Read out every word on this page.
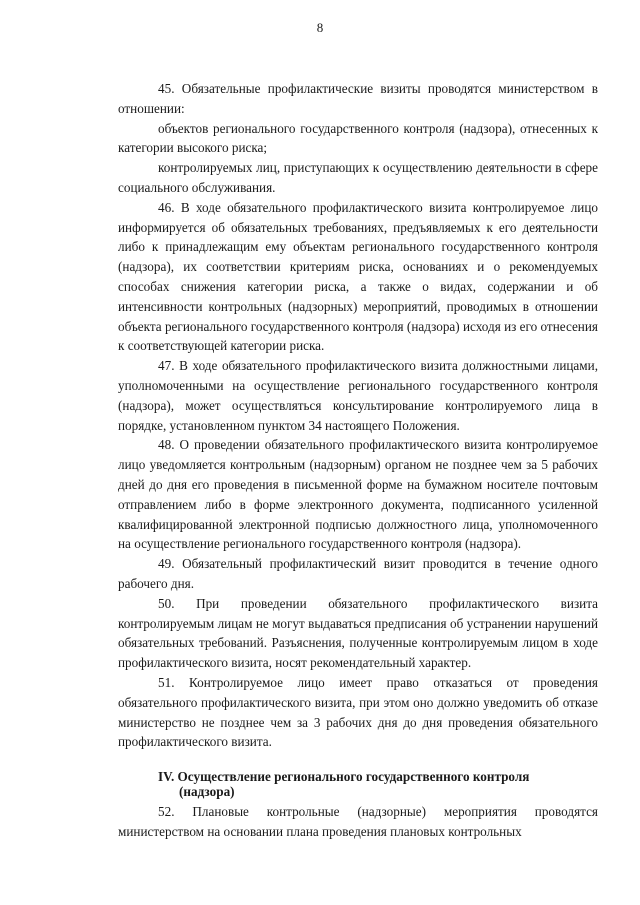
8

45. Обязательные профилактические визиты проводятся министерством в отношении:

объектов регионального государственного контроля (надзора), отнесенных к категории высокого риска;

контролируемых лиц, приступающих к осуществлению деятельности в сфере социального обслуживания.

46. В ходе обязательного профилактического визита контролируемое лицо информируется об обязательных требованиях, предъявляемых к его деятельности либо к принадлежащим ему объектам регионального государственного контроля (надзора), их соответствии критериям риска, основаниях и о рекомендуемых способах снижения категории риска, а также о видах, содержании и об интенсивности контрольных (надзорных) мероприятий, проводимых в отношении объекта регионального государственного контроля (надзора) исходя из его отнесения к соответствующей категории риска.

47. В ходе обязательного профилактического визита должностными лицами, уполномоченными на осуществление регионального государственного контроля (надзора), может осуществляться консультирование контролируемого лица в порядке, установленном пунктом 34 настоящего Положения.

48. О проведении обязательного профилактического визита контролируемое лицо уведомляется контрольным (надзорным) органом не позднее чем за 5 рабочих дней до дня его проведения в письменной форме на бумажном носителе почтовым отправлением либо в форме электронного документа, подписанного усиленной квалифицированной электронной подписью должностного лица, уполномоченного на осуществление регионального государственного контроля (надзора).

49. Обязательный профилактический визит проводится в течение одного рабочего дня.

50. При проведении обязательного профилактического визита контролируемым лицам не могут выдаваться предписания об устранении нарушений обязательных требований. Разъяснения, полученные контролируемым лицом в ходе профилактического визита, носят рекомендательный характер.

51. Контролируемое лицо имеет право отказаться от проведения обязательного профилактического визита, при этом оно должно уведомить об отказе министерство не позднее чем за 3 рабочих дня до дня проведения обязательного профилактического визита.

IV. Осуществление регионального государственного контроля
(надзора)

52. Плановые контрольные (надзорные) мероприятия проводятся министерством на основании плана проведения плановых контрольных
